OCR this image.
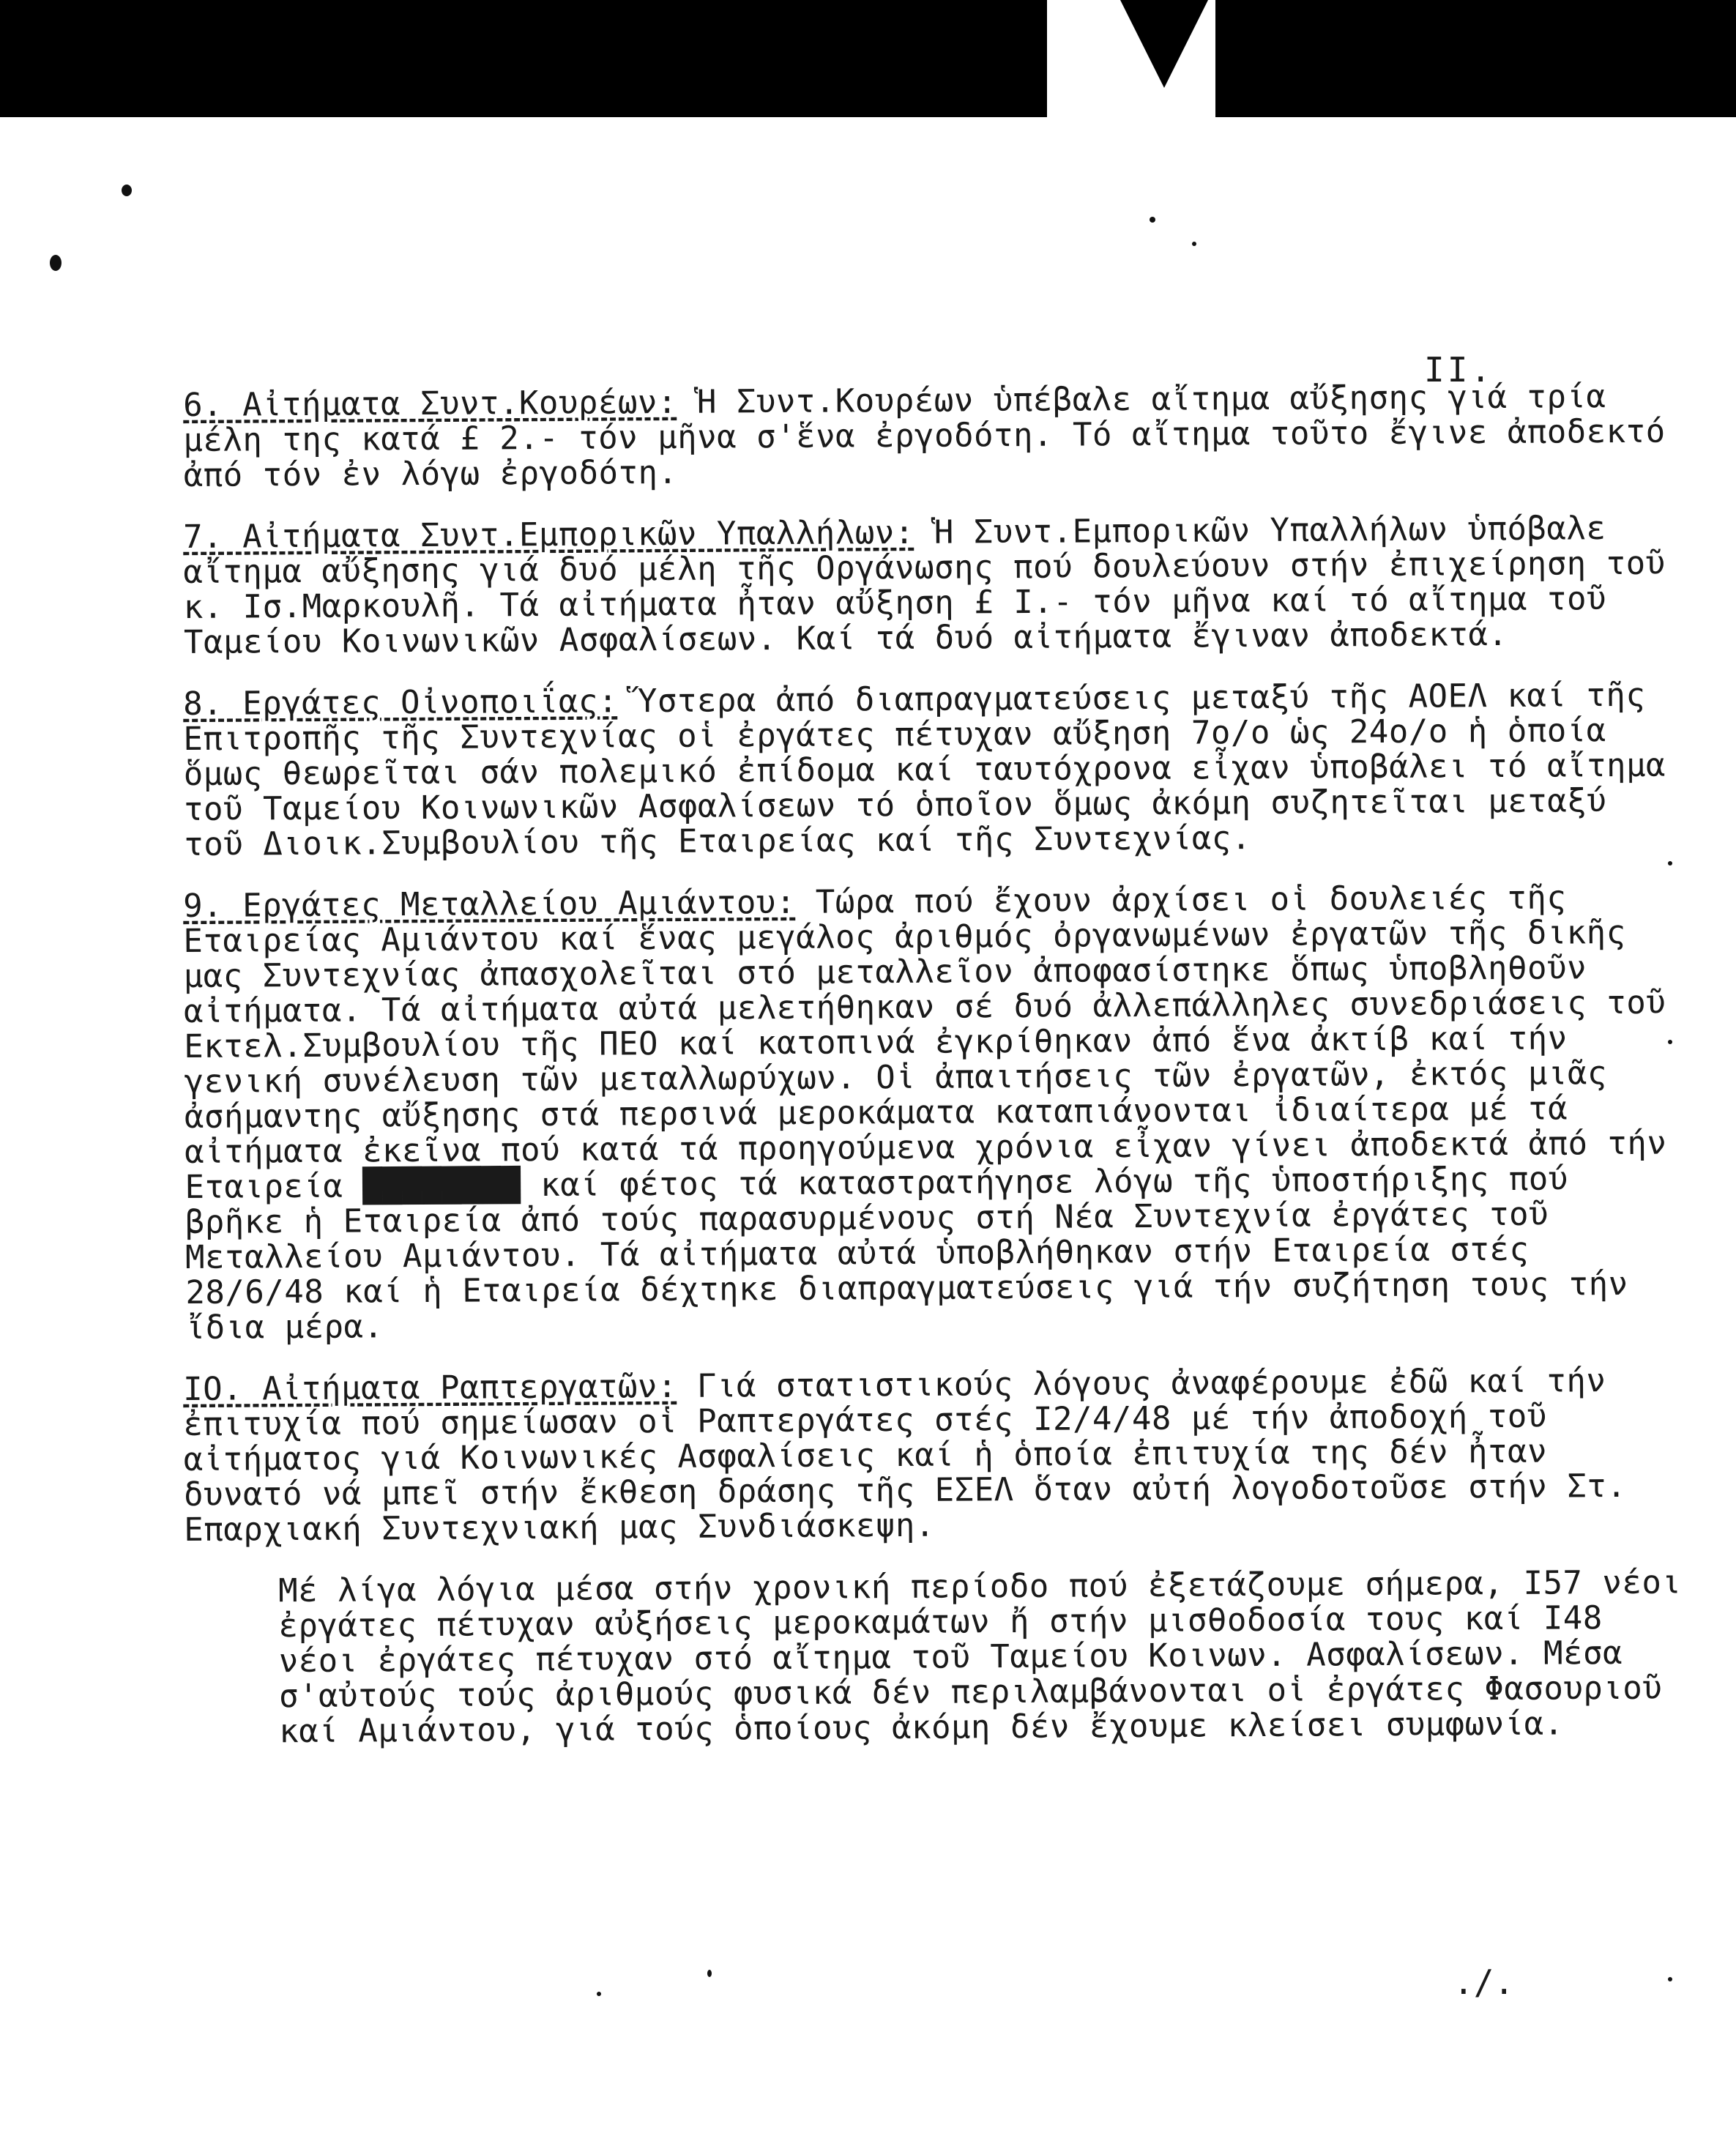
II.

6. Αἰτήματα Συντ.Κουρέων: Ἡ Συντ.Κουρέων ὑπέβαλε αἴτημα αὔξησης γιά τρία μέλη της κατά £ 2.- τόν μῆνα σ'ἕνα ἐργοδότη. Τό αἴτημα τοῦτο ἔγινε ἀποδεκτό ἀπό τόν ἐν λόγω ἐργοδότη.

7. Αἰτήματα Συντ.Εμπορικῶν Υπαλλήλων: Ἡ Συντ.Εμπορικῶν Υπαλλήλων ὑπόβαλε αἴτημα αὔξησης γιά δυό μέλη τῆς Οργάνωσης πού δουλεύουν στήν ἐπιχείρηση τοῦ κ. Ισ.Μαρκουλῆ. Τά αἰτήματα ἦταν αὔξηση £ I.- τόν μῆνα καί τό αἴτημα τοῦ Ταμείου Κοινωνικῶν Ασφαλίσεων. Καί τά δυό αἰτήματα ἔγιναν ἀποδεκτά.

8. Εργάτες Οἰνοποιΐας: Ὕστερα ἀπό διαπραγματεύσεις μεταξύ τῆς ΑΟΕΛ καί τῆς Επιτροπῆς τῆς Συντεχνίας οἱ ἐργάτες πέτυχαν αὔξηση 7ο/ο ὡς 24ο/ο ἡ ὁποία ὅμως θεωρεῖται σάν πολεμικό ἐπίδομα καί ταυτόχρονα εἶχαν ὑποβάλει τό αἴτημα τοῦ Ταμείου Κοινωνικῶν Ασφαλίσεων τό ὁποῖον ὅμως ἀκόμη συζητεῖται μεταξύ τοῦ Διοικ.Συμβουλίου τῆς Εταιρείας καί τῆς Συντεχνίας.

9. Εργάτες Μεταλλείου Αμιάντου: Τώρα πού ἔχουν ἀρχίσει οἱ δουλειές τῆς Εταιρείας Αμιάντου καί ἕνας μεγάλος ἀριθμός ὀργανωμένων ἐργατῶν τῆς δικῆς μας Συντεχνίας ἀπασχολεῖται στό μεταλλεῖον ἀποφασίστηκε ὅπως ὑποβληθοῦν αἰτήματα. Τά αἰτήματα αὐτά μελετήθηκαν σέ δυό ἀλλεπάλληλες συνεδριάσεις τοῦ Εκτελ.Συμβουλίου τῆς ΠΕΟ καί κατοπινά ἐγκρίθηκαν ἀπό ἕνα ἀκτίβ καί τήν γενική συνέλευση τῶν μεταλλωρύχων. Οἱ ἀπαιτήσεις τῶν ἐργατῶν, ἐκτός μιᾶς ἀσήμαντης αὔξησης στά περσινά μεροκάματα καταπιάνονται ἰδιαίτερα μέ τά αἰτήματα ἐκεῖνα πού κατά τά προηγούμενα χρόνια εἶχαν γίνει ἀποδεκτά ἀπό τήν Εταιρεία ████████ καί φέτος τά καταστρατήγησε λόγω τῆς ὑποστήριξης πού βρῆκε ἡ Εταιρεία ἀπό τούς παρασυρμένους στή Νέα Συντεχνία ἐργάτες τοῦ Μεταλλείου Αμιάντου. Τά αἰτήματα αὐτά ὑποβλήθηκαν στήν Εταιρεία στές 28/6/48 καί ἡ Εταιρεία δέχτηκε διαπραγματεύσεις γιά τήν συζήτηση τους τήν ἴδια μέρα.

IO. Αἰτήματα Ραπτεργατῶν: Γιά στατιστικούς λόγους ἀναφέρουμε ἐδῶ καί τήν ἐπιτυχία πού σημείωσαν οἱ Ραπτεργάτες στές I2/4/48 μέ τήν ἀποδοχή τοῦ αἰτήματος γιά Κοινωνικές Ασφαλίσεις καί ἡ ὁποία ἐπιτυχία της δέν ἦταν δυνατό νά μπεῖ στήν ἔκθεση δράσης τῆς ΕΣΕΛ ὅταν αὐτή λογοδοτοῦσε στήν Στ. Επαρχιακή Συντεχνιακή μας Συνδιάσκεψη.

Μέ λίγα λόγια μέσα στήν χρονική περίοδο πού ἐξετάζουμε σήμερα, I57 νέοι ἐργάτες πέτυχαν αὐξήσεις μεροκαμάτων ἤ στήν μισθοδοσία τους καί I48 νέοι ἐργάτες πέτυχαν στό αἴτημα τοῦ Ταμείου Κοινων. Ασφαλίσεων. Μέσα σ'αὐτούς τούς ἀριθμούς φυσικά δέν περιλαμβάνονται οἱ ἐργάτες Φασουριοῦ καί Αμιάντου, γιά τούς ὁποίους ἀκόμη δέν ἔχουμε κλείσει συμφωνία.

./.
